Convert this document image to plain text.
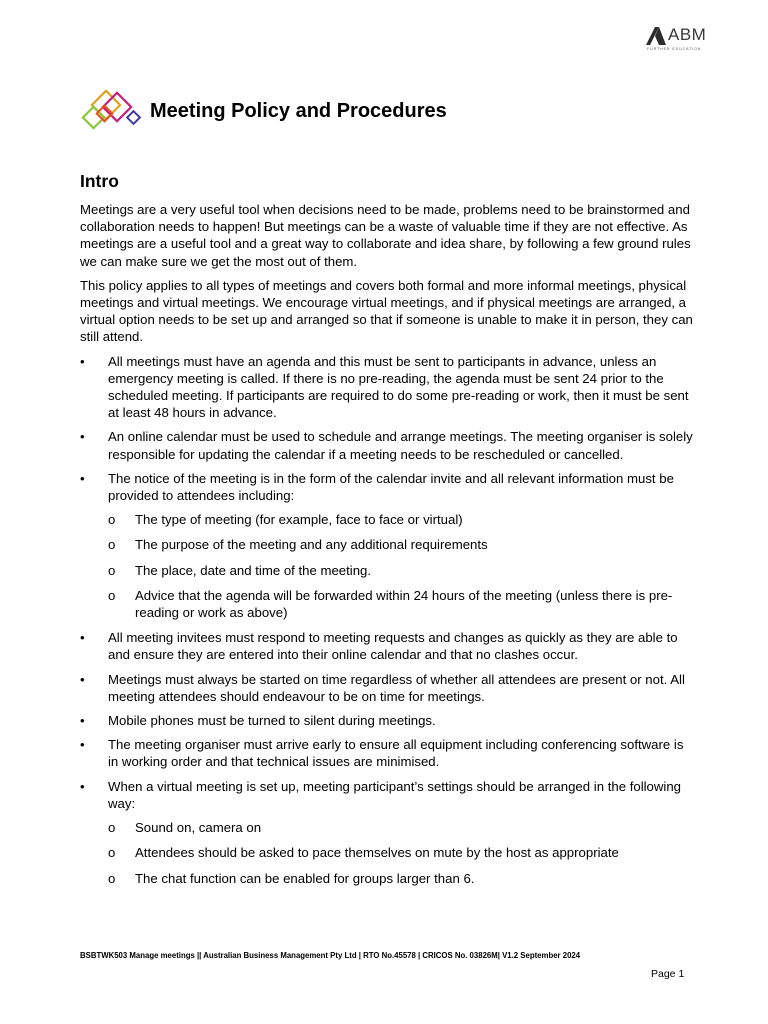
ABM
FURTHER EDUCATION
Meeting Policy and Procedures
Intro

Meetings are a very useful tool when decisions need to be made, problems need to be brainstormed and collaboration needs to happen! But meetings can be a waste of valuable time if they are not effective. As meetings are a useful tool and a great way to collaborate and idea share, by following a few ground rules we can make sure we get the most out of them.

This policy applies to all types of meetings and covers both formal and more informal meetings, physical meetings and virtual meetings. We encourage virtual meetings, and if physical meetings are arranged, a virtual option needs to be set up and arranged so that if someone is unable to make it in person, they can still attend.

• All meetings must have an agenda and this must be sent to participants in advance, unless an emergency meeting is called. If there is no pre-reading, the agenda must be sent 24 prior to the scheduled meeting. If participants are required to do some pre-reading or work, then it must be sent at least 48 hours in advance.
• An online calendar must be used to schedule and arrange meetings. The meeting organiser is solely responsible for updating the calendar if a meeting needs to be rescheduled or cancelled.
• The notice of the meeting is in the form of the calendar invite and all relevant information must be provided to attendees including:
o The type of meeting (for example, face to face or virtual)
o The purpose of the meeting and any additional requirements
o The place, date and time of the meeting.
o Advice that the agenda will be forwarded within 24 hours of the meeting (unless there is pre-reading or work as above)
• All meeting invitees must respond to meeting requests and changes as quickly as they are able to and ensure they are entered into their online calendar and that no clashes occur.
• Meetings must always be started on time regardless of whether all attendees are present or not. All meeting attendees should endeavour to be on time for meetings.
• Mobile phones must be turned to silent during meetings.
• The meeting organiser must arrive early to ensure all equipment including conferencing software is in working order and that technical issues are minimised.
• When a virtual meeting is set up, meeting participant’s settings should be arranged in the following way:
o Sound on, camera on
o Attendees should be asked to pace themselves on mute by the host as appropriate
o The chat function can be enabled for groups larger than 6.
BSBTWK503 Manage meetings || Australian Business Management Pty Ltd | RTO No.45578 | CRICOS No. 03826M| V1.2 September 2024
Page 1
